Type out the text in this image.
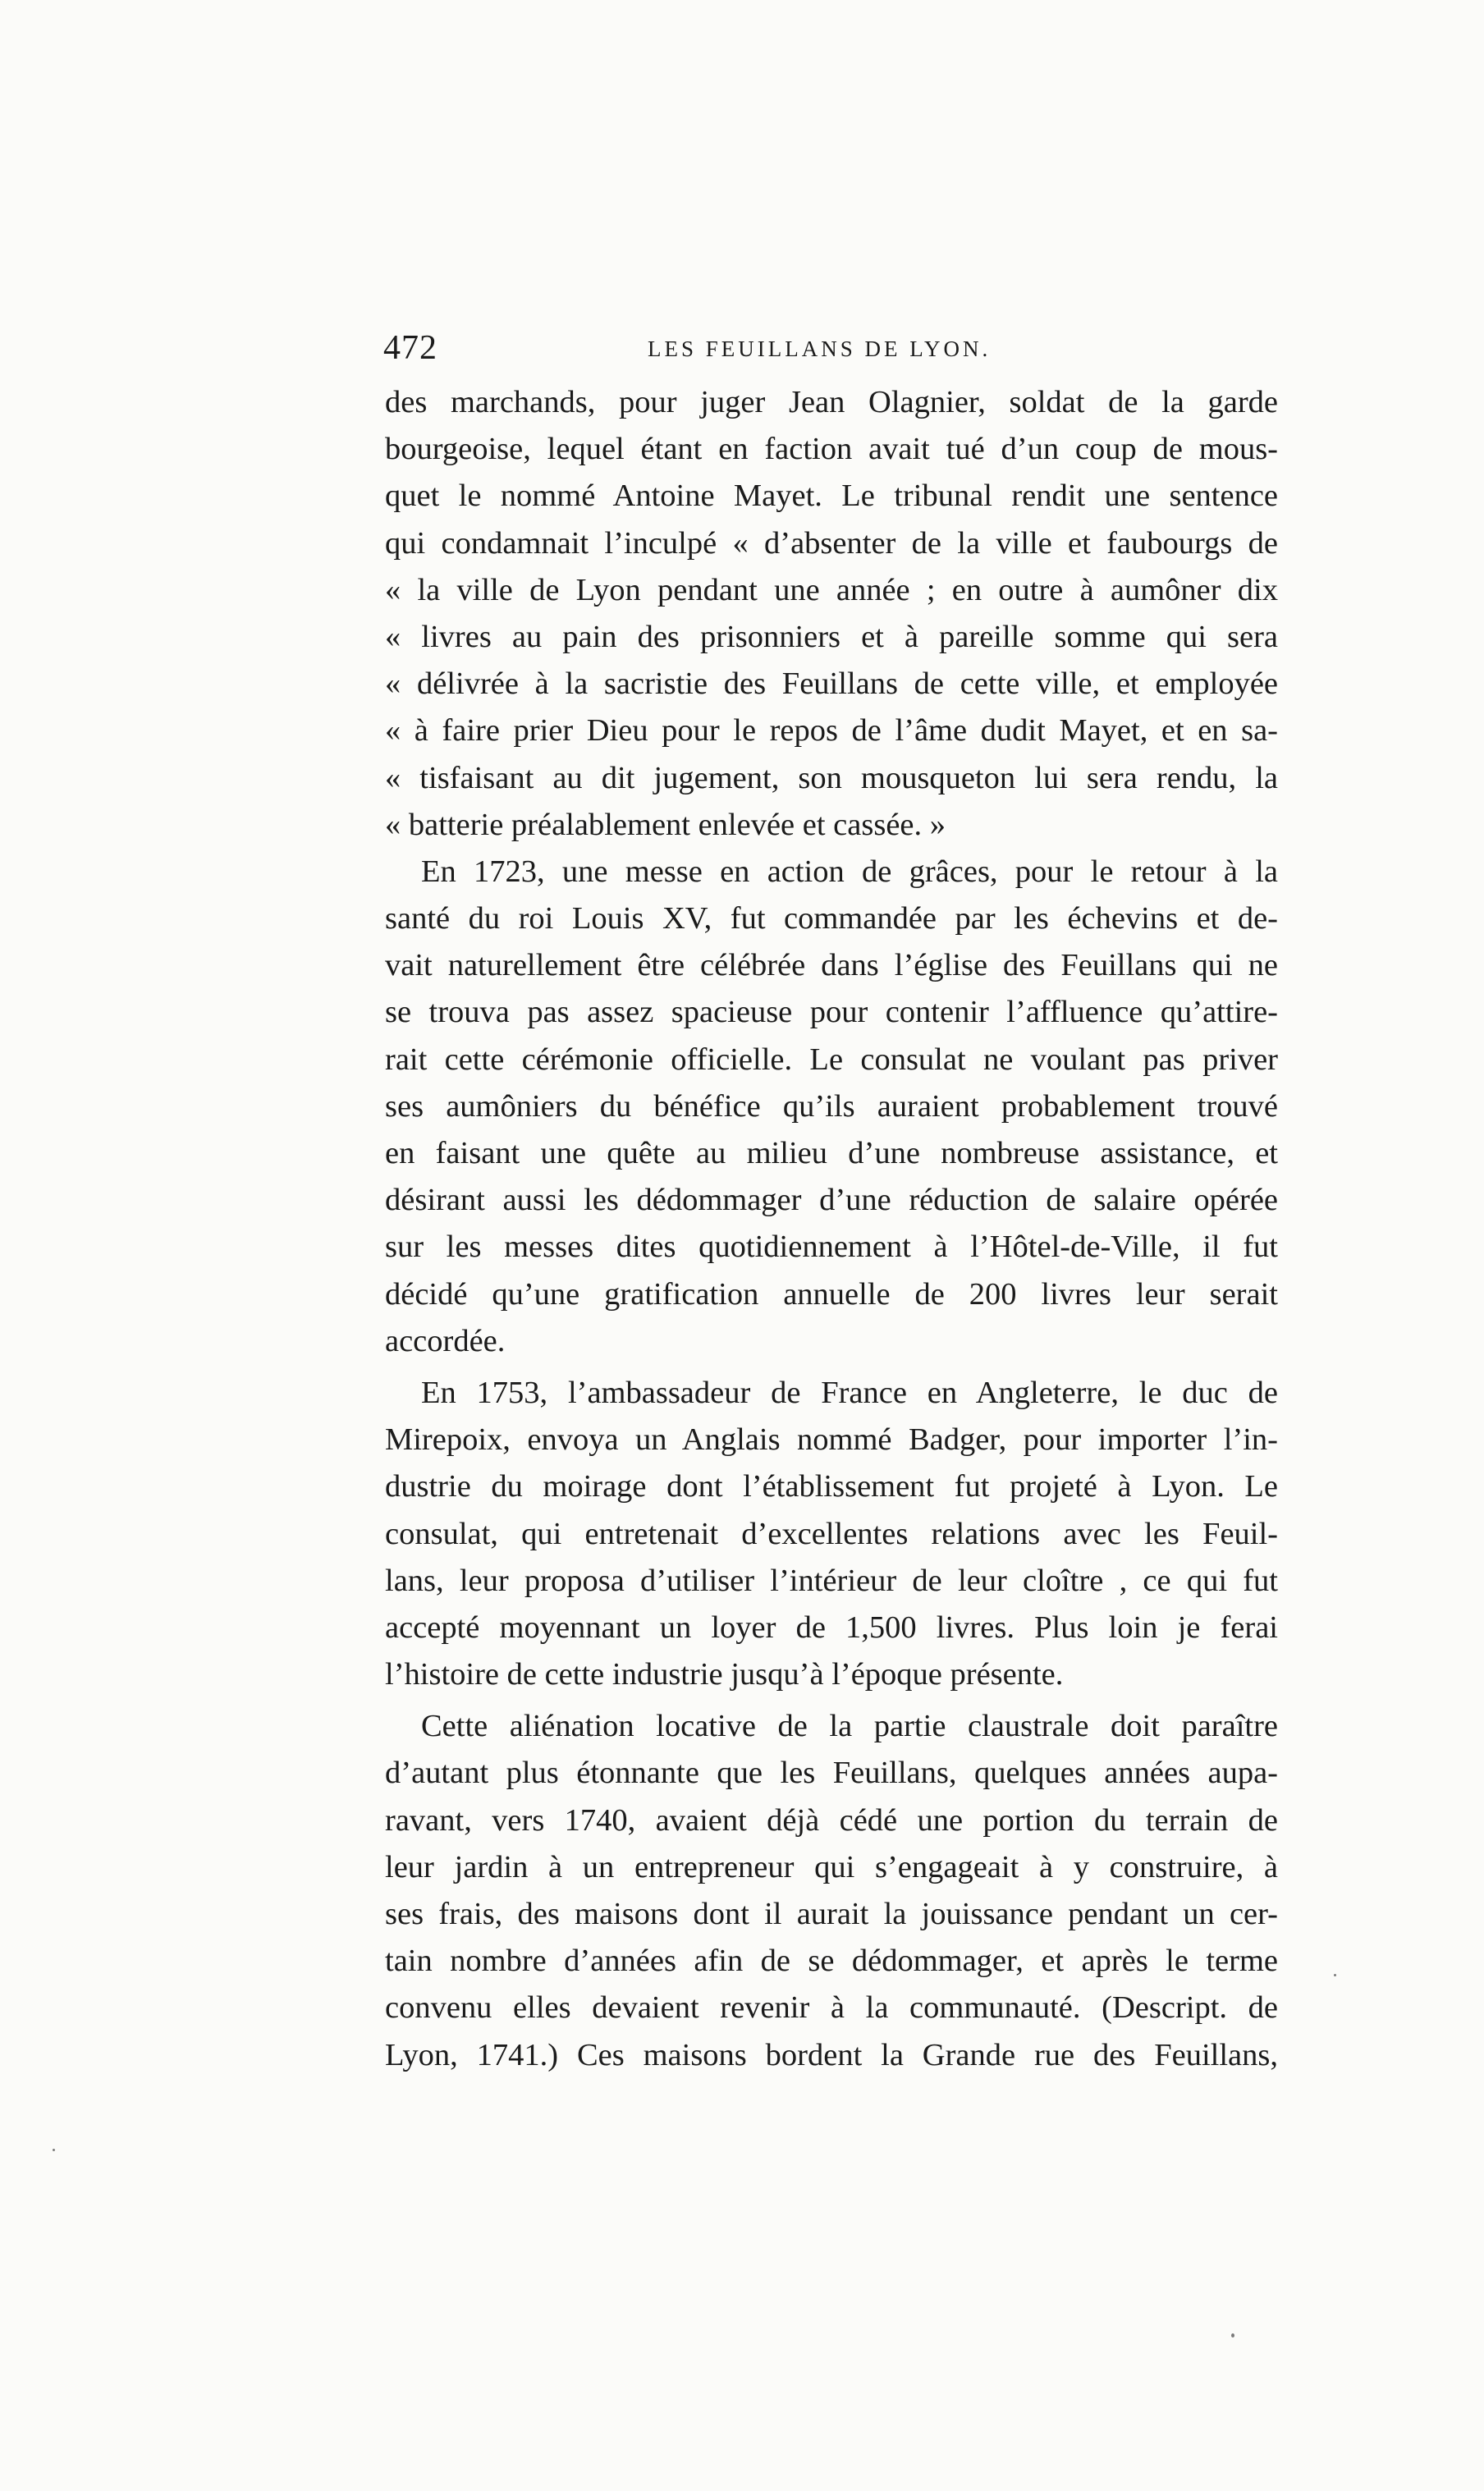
472	LES FEUILLANS DE LYON.
des marchands, pour juger Jean Olagnier, soldat de la garde
bourgeoise, lequel étant en faction avait tué d’un coup de mous-
quet le nommé Antoine Mayet. Le tribunal rendit une sentence
qui condamnait l’inculpé « d’absenter de la ville et faubourgs de
« la ville de Lyon pendant une année ; en outre à aumôner dix
« livres au pain des prisonniers et à pareille somme qui sera
« délivrée à la sacristie des Feuillans de cette ville, et employée
« à faire prier Dieu pour le repos de l’âme dudit Mayet, et en sa-
« tisfaisant au dit jugement, son mousqueton lui sera rendu, la
« batterie préalablement enlevée et cassée. »
En 1723, une messe en action de grâces, pour le retour à la
santé du roi Louis XV, fut commandée par les échevins et de-
vait naturellement être célébrée dans l’église des Feuillans qui ne
se trouva pas assez spacieuse pour contenir l’affluence qu’attire-
rait cette cérémonie officielle. Le consulat ne voulant pas priver
ses aumôniers du bénéfice qu’ils auraient probablement trouvé
en faisant une quête au milieu d’une nombreuse assistance, et
désirant aussi les dédommager d’une réduction de salaire opérée
sur les messes dites quotidiennement à l’Hôtel-de-Ville, il fut
décidé qu’une gratification annuelle de 200 livres leur serait
accordée.
En 1753, l’ambassadeur de France en Angleterre, le duc de
Mirepoix, envoya un Anglais nommé Badger, pour importer l’in-
dustrie du moirage dont l’établissement fut projeté à Lyon. Le
consulat, qui entretenait d’excellentes relations avec les Feuil-
lans, leur proposa d’utiliser l’intérieur de leur cloître , ce qui fut
accepté moyennant un loyer de 1,500 livres. Plus loin je ferai
l’histoire de cette industrie jusqu’à l’époque présente.
Cette aliénation locative de la partie claustrale doit paraître
d’autant plus étonnante que les Feuillans, quelques années aupa-
ravant, vers 1740, avaient déjà cédé une portion du terrain de
leur jardin à un entrepreneur qui s’engageait à y construire, à
ses frais, des maisons dont il aurait la jouissance pendant un cer-
tain nombre d’années afin de se dédommager, et après le terme
convenu elles devaient revenir à la communauté. (Descript. de
Lyon, 1741.) Ces maisons bordent la Grande rue des Feuillans,
